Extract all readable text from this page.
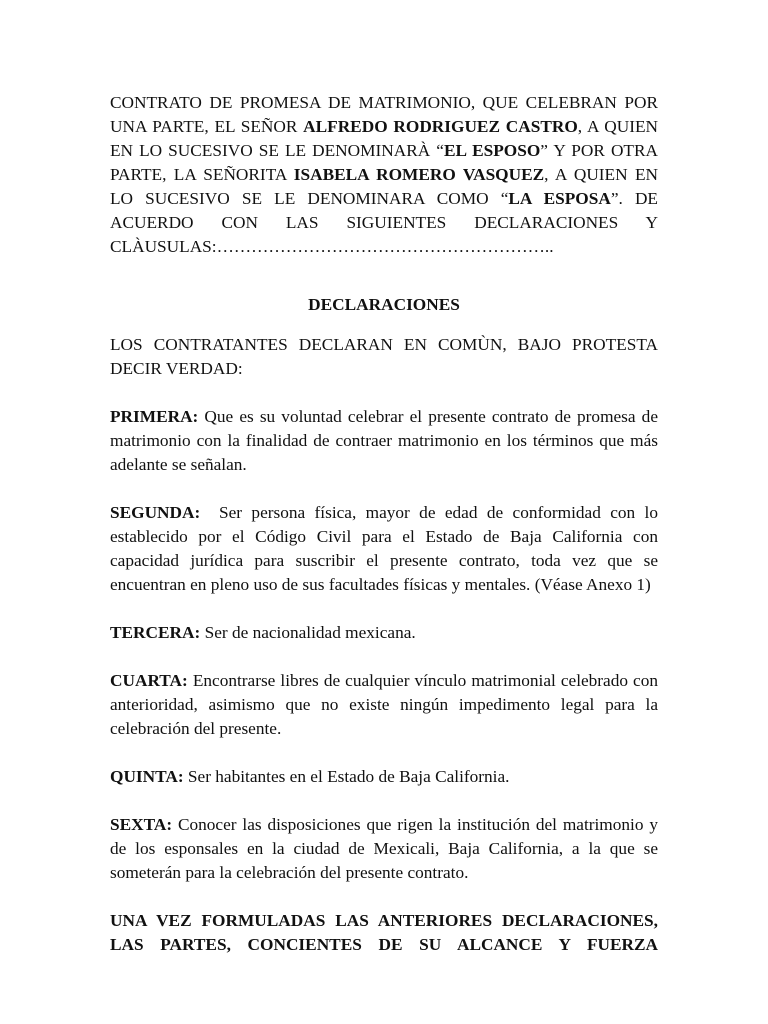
CONTRATO DE PROMESA DE MATRIMONIO, QUE CELEBRAN POR UNA PARTE, EL SEÑOR ALFREDO RODRIGUEZ CASTRO, A QUIEN EN LO SUCESIVO SE LE DENOMINARÀ “EL ESPOSO” Y POR OTRA PARTE, LA SEÑORITA ISABELA ROMERO VASQUEZ, A QUIEN EN LO SUCESIVO SE LE DENOMINARA COMO “LA ESPOSA”. DE ACUERDO CON LAS SIGUIENTES DECLARACIONES Y CLÀUSULAS:…………………………………………………..

DECLARACIONES

LOS CONTRATANTES DECLARAN EN COMÙN, BAJO PROTESTA DECIR VERDAD:

PRIMERA: Que es su voluntad celebrar el presente contrato de promesa de matrimonio con la finalidad de contraer matrimonio en los términos que más adelante se señalan.

SEGUNDA:  Ser persona física, mayor de edad de conformidad con lo establecido por el Código Civil para el Estado de Baja California con capacidad jurídica para suscribir el presente contrato, toda vez que se encuentran en pleno uso de sus facultades físicas y mentales. (Véase Anexo 1)

TERCERA: Ser de nacionalidad mexicana.

CUARTA: Encontrarse libres de cualquier vínculo matrimonial celebrado con anterioridad, asimismo que no existe ningún impedimento legal para la celebración del presente.

QUINTA: Ser habitantes en el Estado de Baja California.

SEXTA: Conocer las disposiciones que rigen la institución del matrimonio y de los esponsales en la ciudad de Mexicali, Baja California, a la que se someterán para la celebración del presente contrato.

UNA VEZ FORMULADAS LAS ANTERIORES DECLARACIONES, LAS PARTES, CONCIENTES DE SU ALCANCE Y FUERZA
